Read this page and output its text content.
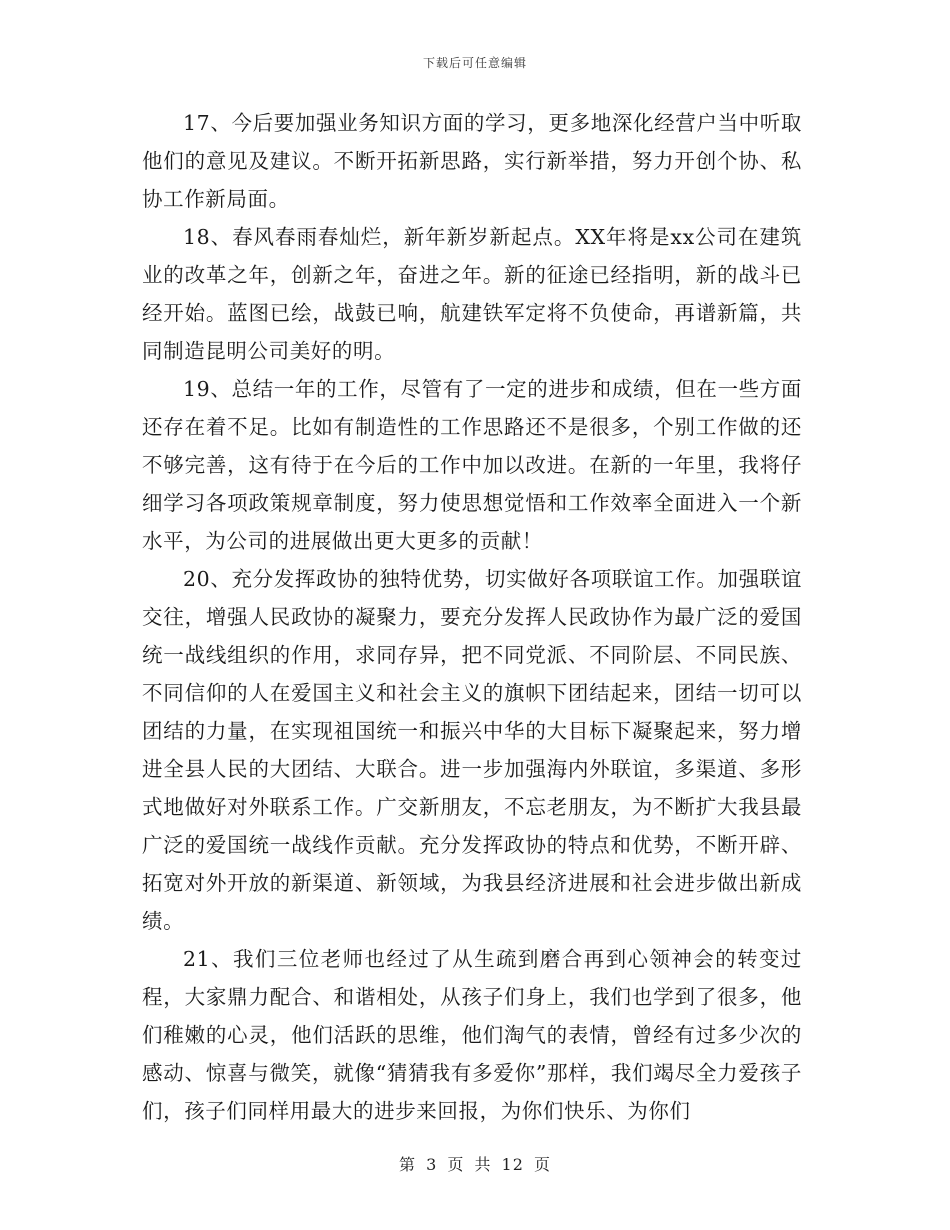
下载后可任意编辑

17、今后要加强业务知识方面的学习，更多地深化经营户当中听取他们的意见及建议。不断开拓新思路，实行新举措，努力开创个协、私协工作新局面。

18、春风春雨春灿烂，新年新岁新起点。XX年将是xx公司在建筑业的改革之年，创新之年，奋进之年。新的征途已经指明，新的战斗已经开始。蓝图已绘，战鼓已响，航建铁军定将不负使命，再谱新篇，共同制造昆明公司美好的明。

19、总结一年的工作，尽管有了一定的进步和成绩，但在一些方面还存在着不足。比如有制造性的工作思路还不是很多，个别工作做的还不够完善，这有待于在今后的工作中加以改进。在新的一年里，我将仔细学习各项政策规章制度，努力使思想觉悟和工作效率全面进入一个新水平，为公司的进展做出更大更多的贡献！

20、充分发挥政协的独特优势，切实做好各项联谊工作。加强联谊交往，增强人民政协的凝聚力，要充分发挥人民政协作为最广泛的爱国统一战线组织的作用，求同存异，把不同党派、不同阶层、不同民族、不同信仰的人在爱国主义和社会主义的旗帜下团结起来，团结一切可以团结的力量，在实现祖国统一和振兴中华的大目标下凝聚起来，努力增进全县人民的大团结、大联合。进一步加强海内外联谊，多渠道、多形式地做好对外联系工作。广交新朋友，不忘老朋友，为不断扩大我县最广泛的爱国统一战线作贡献。充分发挥政协的特点和优势，不断开辟、拓宽对外开放的新渠道、新领域，为我县经济进展和社会进步做出新成绩。

21、我们三位老师也经过了从生疏到磨合再到心领神会的转变过程，大家鼎力配合、和谐相处，从孩子们身上，我们也学到了很多，他们稚嫩的心灵，他们活跃的思维，他们淘气的表情，曾经有过多少次的感动、惊喜与微笑，就像“猜猜我有多爱你”那样，我们竭尽全力爱孩子们，孩子们同样用最大的进步来回报，为你们快乐、为你们

第 3 页 共 12 页
